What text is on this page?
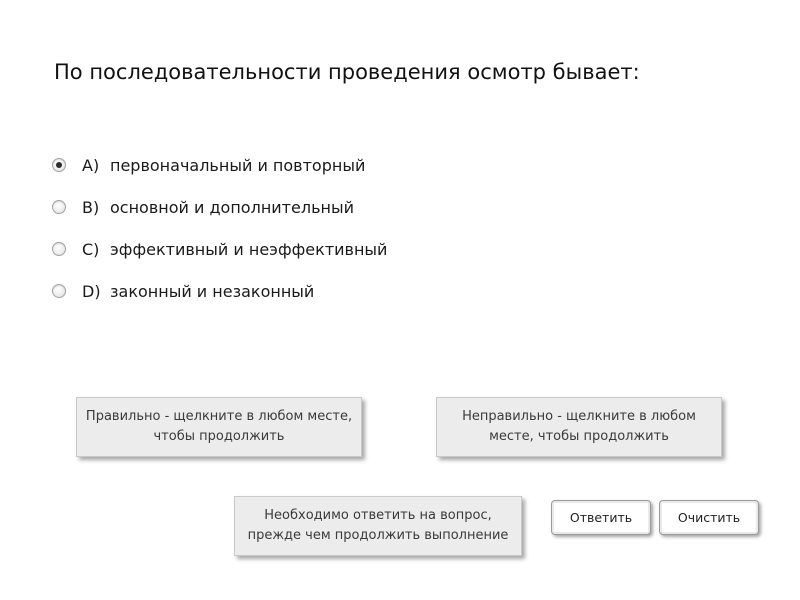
По последовательности проведения осмотр бывает:
A) первоначальный и повторный
B) основной и дополнительный
C) эффективный и неэффективный
D) законный и незаконный
Правильно - щелкните в любом месте,
чтобы продолжить
Неправильно - щелкните в любом
месте, чтобы продолжить
Необходимо ответить на вопрос,
прежде чем продолжить выполнение
Ответить	Очистить
